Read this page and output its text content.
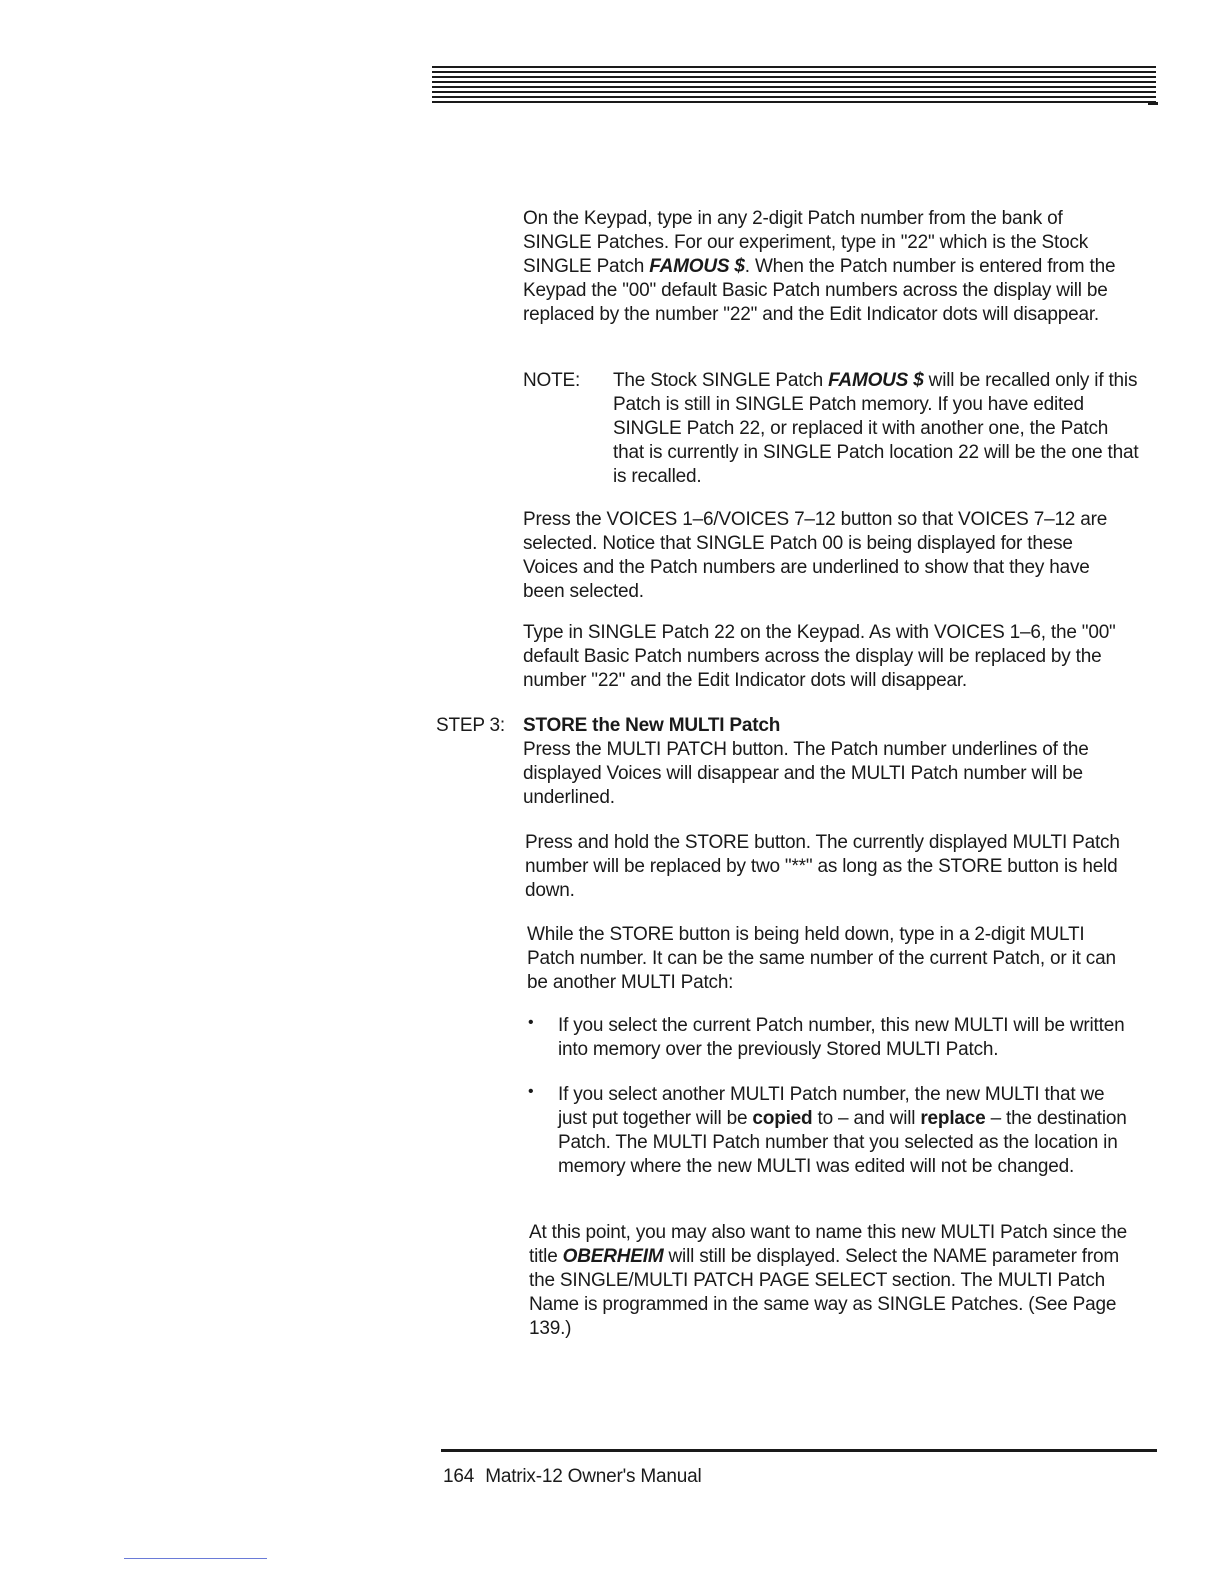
On the Keypad, type in any 2-digit Patch number from the bank of SINGLE Patches. For our experiment, type in "22" which is the Stock SINGLE Patch FAMOUS $. When the Patch number is entered from the Keypad the "00" default Basic Patch numbers across the display will be replaced by the number "22" and the Edit Indicator dots will disappear.

NOTE:	The Stock SINGLE Patch FAMOUS $ will be recalled only if this Patch is still in SINGLE Patch memory. If you have edited SINGLE Patch 22, or replaced it with another one, the Patch that is currently in SINGLE Patch location 22 will be the one that is recalled.

Press the VOICES 1–6/VOICES 7–12 button so that VOICES 7–12 are selected. Notice that SINGLE Patch 00 is being displayed for these Voices and the Patch numbers are underlined to show that they have been selected.

Type in SINGLE Patch 22 on the Keypad. As with VOICES 1–6, the "00" default Basic Patch numbers across the display will be replaced by the number "22" and the Edit Indicator dots will disappear.

STEP 3: STORE the New MULTI Patch

Press the MULTI PATCH button. The Patch number underlines of the displayed Voices will disappear and the MULTI Patch number will be underlined.

Press and hold the STORE button. The currently displayed MULTI Patch number will be replaced by two "**" as long as the STORE button is held down.

While the STORE button is being held down, type in a 2-digit MULTI Patch number. It can be the same number of the current Patch, or it can be another MULTI Patch:

•	If you select the current Patch number, this new MULTI will be written into memory over the previously Stored MULTI Patch.

•	If you select another MULTI Patch number, the new MULTI that we just put together will be copied to – and will replace – the destination Patch. The MULTI Patch number that you selected as the location in memory where the new MULTI was edited will not be changed.

At this point, you may also want to name this new MULTI Patch since the title OBERHEIM will still be displayed. Select the NAME parameter from the SINGLE/MULTI PATCH PAGE SELECT section. The MULTI Patch Name is programmed in the same way as SINGLE Patches. (See Page 139.)

164 Matrix-12 Owner's Manual
